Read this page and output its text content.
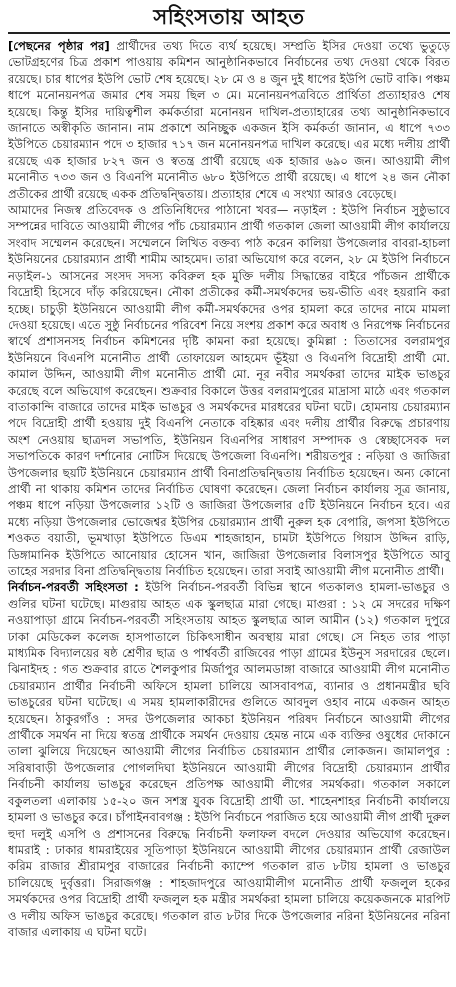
সহিংসতায় আহত

[পেছনের পৃষ্ঠার পর] প্রার্থীদের তথ্য দিতে ব্যর্থ হয়েছে। সম্প্রতি ইসির দেওয়া তথ্যে ভুতুড়ে ভোটগ্রহণের চিত্র প্রকাশ পাওয়ায় কমিশন আনুষ্ঠানিকভাবে নির্বাচনের তথ্য দেওয়া থেকে বিরত রয়েছে। চার ধাপের ইউপি ভোট শেষ হয়েছে। ২৮ মে ও ৪ জুন দুই ধাপের ইউপি ভোট বাকি। পঞ্চম ধাপে মনোনয়নপত্র জমার শেষ সময় ছিল ৩ মে। মনোনয়নপত্রবিতে প্রার্থিতা প্রত্যাহারও শেষ হয়েছে। কিন্তু ইসির দায়িত্বশীল কর্মকর্তারা মনোনয়ন দাখিল-প্রত্যাহারের তথ্য আনুষ্ঠানিকভাবে জানাতে অস্বীকৃতি জানান। নাম প্রকাশে অনিচ্ছুক একজন ইসি কর্মকর্তা জানান, এ ধাপে ৭৩৩ ইউপিতে চেয়ারম্যান পদে ৩ হাজার ৭১৭ জন মনোনয়নপত্র দাখিল করেছে। এর মধ্যে দলীয় প্রার্থী রয়েছে এক হাজার ৮২৭ জন ও স্বতন্ত্র প্রার্থী রয়েছে এক হাজার ৬৯০ জন। আওয়ামী লীগ মনোনীত ৭৩৩ জন ও বিএনপি মনোনীত ৬৮০ ইউপিতে প্রার্থী রয়েছে। এ ধাপে ২৪ জন নৌকা প্রতীকের প্রার্থী রয়েছে একক প্রতিদ্বন্দ্বিতায়। প্রত্যাহার শেষে এ সংখ্যা আরও বেড়েছে।

আমাদের নিজস্ব প্রতিবেদক ও প্রতিনিধিদের পাঠানো খবর— নড়াইল : ইউপি নির্বাচন সুষ্ঠুভাবে সম্পন্নের দাবিতে আওয়ামী লীগের পাঁচ চেয়ারম্যান প্রার্থী গতকাল জেলা আওয়ামী লীগ কার্যালয়ে সংবাদ সম্মেলন করেছেন। সম্মেলনে লিখিত বক্তব্য পাঠ করেন কালিয়া উপজেলার বাবরা-হাচলা ইউনিয়নের চেয়ারম্যান প্রার্থী শামীম আহমেদ। তারা অভিযোগ করে বলেন, ২৮ মে ইউপি নির্বাচনে নড়াইল-১ আসনের সংসদ সদস্য কবিরুল হক মুক্তি দলীয় সিদ্ধান্তের বাইরে পাঁচজন প্রার্থীকে বিদ্রোহী হিসেবে দাঁড় করিয়েছেন। নৌকা প্রতীকের কর্মী-সমর্থকদের ভয়-ভীতি এবং হয়রানি করা হচ্ছে। চাচুড়ী ইউনিয়নে আওয়ামী লীগ কর্মী-সমর্থকদের ওপর হামলা করে তাদের নামে মামলা দেওয়া হয়েছে। এতে সুষ্ঠু নির্বাচনের পরিবেশ নিয়ে সংশয় প্রকাশ করে অবাধ ও নিরপেক্ষ নির্বাচনের স্বার্থে প্রশাসনসহ নির্বাচন কমিশনের দৃষ্টি কামনা করা হয়েছে। কুমিল্লা : তিতাসের বলরামপুর ইউনিয়নে বিএনপি মনোনীত প্রার্থী তোফায়েল আহমেদ ভূঁইয়া ও বিএনপি বিদ্রোহী প্রার্থী মো. কামাল উদ্দিন, আওয়ামী লীগ মনোনীত প্রার্থী মো. নূর নবীর সমর্থকরা তাদের মাইক ভাঙচুর করেছে বলে অভিযোগ করেছেন। শুক্রবার বিকালে উত্তর বলরামপুরের মাদ্রাসা মাঠে এবং গতকাল বাতাকান্দি বাজারে তাদের মাইক ভাঙচুর ও সমর্থকদের মারধরের ঘটনা ঘটে। হোমনায় চেয়ারম্যান পদে বিদ্রোহী প্রার্থী হওয়ায় দুই বিএনপি নেতাকে বহিষ্কার এবং দলীয় প্রার্থীর বিরুদ্ধে প্রচারণায় অংশ নেওয়ায় ছাত্রদল সভাপতি, ইউনিয়ন বিএনপির সাধারণ সম্পাদক ও স্বেচ্ছাসেবক দল সভাপতিকে কারণ দর্শানোর নোটিস দিয়েছে উপজেলা বিএনপি। শরীয়তপুর : নড়িয়া ও জাজিরা উপজেলার ছয়টি ইউনিয়নে চেয়ারম্যান প্রার্থী বিনাপ্রতিদ্বন্দ্বিতায় নির্বাচিত হয়েছেন। অন্য কোনো প্রার্থী না থাকায় কমিশন তাদের নির্বাচিত ঘোষণা করেছেন। জেলা নির্বাচন কার্যালয় সূত্র জানায়, পঞ্চম ধাপে নড়িয়া উপজেলার ১২টি ও জাজিরা উপজেলার ৫টি ইউনিয়নে নির্বাচন হবে। এর মধ্যে নড়িয়া উপজেলার ভোজেশ্বর ইউপির চেয়ারম্যান প্রার্থী নুরুল হক বেপারি, জপসা ইউপিতে শওকত বয়াতী, ভূমখাড়া ইউপিতে ডিএম শাহজাহান, চামটা ইউপিতে গিয়াস উদ্দিন রাড়ি, ডিঙ্গামানিক ইউপিতে আনোয়ার হোসেন খান, জাজিরা উপজেলার বিলাসপুর ইউপিতে আবু তাহের সরদার বিনা প্রতিদ্বন্দ্বিতায় নির্বাচিত হয়েছেন। তারা সবাই আওয়ামী লীগ মনোনীত প্রার্থী।

নির্বাচন-পরবর্তী সহিংসতা : ইউপি নির্বাচন-পরবর্তী বিভিন্ন স্থানে গতকালও হামলা-ভাঙচুর ও গুলির ঘটনা ঘটেছে। মাগুরায় আহত এক স্কুলছাত্র মারা গেছে। মাগুরা : ১২ মে সদরের দক্ষিণ নওয়াপাড়া গ্রামে নির্বাচন-পরবর্তী সহিংসতায় আহত স্কুলছাত্র আল আমীন (১২) গতকাল দুপুরে ঢাকা মেডিকেল কলেজ হাসপাতালে চিকিৎসাধীন অবস্থায় মারা গেছে। সে নিহত তার পাড়া মাধ্যমিক বিদ্যালয়ের ষষ্ঠ শ্রেণীর ছাত্র ও পার্শ্ববর্তী রাজিবের পাড়া গ্রামের ইউনুস সরদারের ছেলে। ঝিনাইদহ : গত শুক্রবার রাতে শৈলকুপার মির্জাপুর আলমডাঙ্গা বাজারে আওয়ামী লীগ মনোনীত চেয়ারম্যান প্রার্থীর নির্বাচনী অফিসে হামলা চালিয়ে আসবাবপত্র, ব্যানার ও প্রধানমন্ত্রীর ছবি ভাঙচুরের ঘটনা ঘটেছে। এ সময় হামলাকারীদের গুলিতে আবদুল ওহাব নামে একজন আহত হয়েছেন। ঠাকুরগাঁও : সদর উপজেলার আকচা ইউনিয়ন পরিষদ নির্বাচনে আওয়ামী লীগের প্রার্থীকে সমর্থন না দিয়ে স্বতন্ত্র প্রার্থীকে সমর্থন দেওয়ায় হেমন্ত নামে এক ব্যক্তির ওষুধের দোকানে তালা ঝুলিয়ে দিয়েছেন আওয়ামী লীগের নির্বাচিত চেয়ারম্যান প্রার্থীর লোকজন। জামালপুর : সরিষাবাড়ী উপজেলার পোগলদিঘা ইউনিয়নে আওয়ামী লীগের বিদ্রোহী চেয়ারম্যান প্রার্থীর নির্বাচনী কার্যালয় ভাঙচুর করেছেন প্রতিপক্ষ আওয়ামী লীগের সমর্থকরা। গতকাল সকালে বকুলতলা এলাকায় ১৫-২০ জন সশস্ত্র যুবক বিদ্রোহী প্রার্থী ডা. শাহেনশাহর নির্বাচনী কার্যালয়ে হামলা ও ভাঙচুর করে। চাঁপাইনবাবগঞ্জ : ইউপি নির্বাচনে পরাজিত হয়ে আওয়ামী লীগ প্রার্থী দুরুল হুদা দলুই এসপি ও প্রশাসনের বিরুদ্ধে নির্বাচনী ফলাফল বদলে দেওয়ার অভিযোগ করেছেন। ধামরাই : ঢাকার ধামরাইয়ের সূতিপাড়া ইউনিয়নে আওয়ামী লীগের চেয়ারম্যান প্রার্থী রেজাউল করিম রাজার শ্রীরামপুর বাজারের নির্বাচনী ক্যাম্পে গতকাল রাত ৮টায় হামলা ও ভাঙচুর চালিয়েছে দুর্বৃত্তরা। সিরাজগঞ্জ : শাহজাদপুরে আওয়ামীলীগ মনোনীত প্রার্থী ফজলুল হকের সমর্থকদের ওপর বিদ্রোহী প্রার্থী ফজলুল হক মন্ত্রীর সমর্থকরা হামলা চালিয়ে কয়েকজনকে মারপিট ও দলীয় অফিস ভাঙচুর করেছে। গতকাল রাত ৮টার দিকে উপজেলার নরিনা ইউনিয়নের নরিনা বাজার এলাকায় এ ঘটনা ঘটে।
